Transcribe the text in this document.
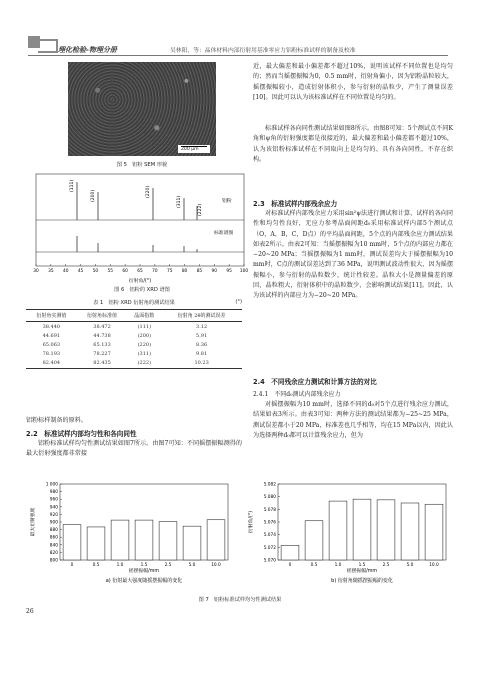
理化检验-物理分册	吴林阳，等：晶体材料内部衍射用基准零应力铝粉标准试样的制备及校准
200 μm
图 5　铝粉 SEM 形貌
(111)
(200)	(220)
(311)
(222)
铝粉
标准谱图
30 35 40 45 50 55 60 65 70 75 80 85 90 95 100
衍射角/(°)
图 6　铝粉的 XRD 谱图
表 1　铝粉 XRD 衍射角的测试结果	(°)
衍射角实测值	衍射角标准值	晶面指数	衍射角 2θ的测试误差
38.440	38.472	(111)	3.12
44.691	44.738	(200)	5.91
65.063	65.133	(220)	8.36
78.193	78.227	(311)	9.81
82.404	82.435	(222)	10.23
铝粉标样制备的原料。
2.2　标准试样内部均匀性和各向同性
铝粉标准试样均匀性测试结果如图7所示。由图7可知：不同摇摆振幅测得的最大衍射强度都非常接
近，最大偏差和最小偏差都不超过10%，说明该试样不同位置也是均匀的；然而当摇摆振幅为0，0.5 mm时，衍射角偏小，因为铝粉晶粒较大，摇摆振幅较小，造成衍射体积小，参与衍射的晶粒少，产生了测量误差[10]。因此可以认为该标准试样在不同位置是均匀的。
标准试样各向同性测试结果如图8所示。由图8可知：5个测试点不同K角和ψ角的衍射强度都是很接近的，最大偏差和最小偏差都不超过10%，认为该铝粉标准试样在不同取向上是均匀的、具有各向同性，不存在织构。
2.3　标准试样内部残余应力
对标准试样内部残余应力采用sin²ψ法进行测试和计算，试样的各向同性和均匀性良好，无应力参考晶面间距d₀采用标准试样内部5个测试点（O，A，B，C，D点）的平均晶面间距，5个点的内部残余应力测试结果如表2所示。由表2可知：当摇摆振幅为10 mm时，5个点的内部应力都在−20~20 MPa；当摇摆振幅为1 mm时，测试误差均大于摇摆振幅为10 mm时，C点的测试误差达到了36 MPa，说明测试波动性很大，因为摇摆振幅小，参与衍射的晶粒数少，统计性较差。晶粒大小是测量偏差的原因，晶粒粗大，衍射体积中的晶粒数少，会影响测试结果[11]。因此，认为该试样的内部应力为−20~20 MPa。
2.4　不同残余应力测试和计算方法的对比
2.4.1　不同d₀测试内部残余应力
对摇摆振幅为10 mm时，选择不同的d₀对5个点进行残余应力测试，结果如表3所示。由表3可知：两种方法的测试结果都为−25~25 MPa，测试误差都小于20 MPa，标准差也几乎相等，均在15 MPa以内，因此认为选择两种d₀都可以计算残余应力，但为
800
820
840
860
880
900
920
940
960
980
1 000
0	0.5	1.0	1.5	2.5	5.0	10.0
摇摆振幅/mm
最大衍射强度
a) 衍射最大强度随摇摆振幅的变化
5.070
5.072
5.074
5.076
5.078
5.080
5.082
0	0.5	1.0	1.5	2.5	5.0	10.0
摇摆振幅/mm
衍射角/(°)
b) 衍射角随摇摆振幅的变化
图 7　铝粉标准试样均匀性测试结果
26
